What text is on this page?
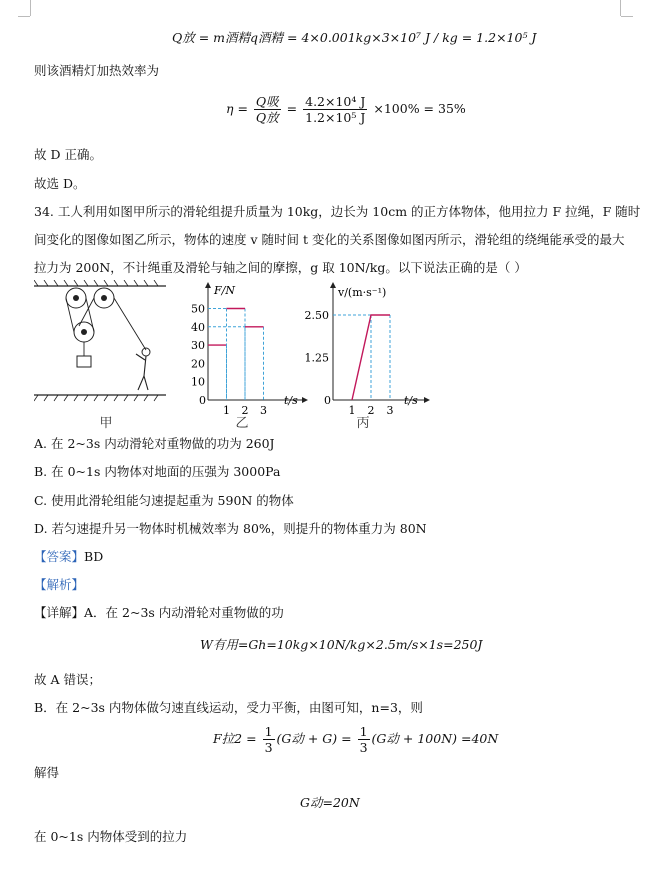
Q放 = m酒精q酒精 = 4×0.001kg×3×10⁷ J / kg = 1.2×10⁵ J
则该酒精灯加热效率为
$\eta = \frac{\text{Q吸}}{\text{Q放}} = \frac{\text{4.2×10⁴ J}}{\text{1.2×10⁵ J}} \times 100\% = 35\%$
故 D 正确。
故选 D。
34. 工人利用如图甲所示的滑轮组提升质量为 10kg，边长为 10cm 的正方体物体，他用拉力 F 拉绳，F 随时
间变化的图像如图乙所示，物体的速度 v 随时间 t 变化的关系图像如图丙所示，滑轮组的绕绳能承受的最大
拉力为 200N，不计绳重及滑轮与轴之间的摩擦，g 取 10N/kg。以下说法正确的是（ ）
甲
F/N
t/s
0
10
20
30
40
50
1 2 3
乙
v/(m·s⁻¹)
t/s
0
1.25
2.50
1 2 3
丙
A. 在 2~3s 内动滑轮对重物做的功为 260J
B. 在 0~1s 内物体对地面的压强为 3000Pa
C. 使用此滑轮组能匀速提起重为 590N 的物体
D. 若匀速提升另一物体时机械效率为 80%，则提升的物体重力为 80N
【答案】BD
【解析】
【详解】A．在 2~3s 内动滑轮对重物做的功
W有用=Gh=10kg×10N/kg×2.5m/s×1s=250J
故 A 错误；
B．在 2~3s 内物体做匀速直线运动，受力平衡，由图可知，n=3，则
F拉$2 = \frac{1}{3} (G$动 + $G) = \frac{1}{3} (G$动 + 100N) =40N
解得
G动=20N
在 0~1s 内物体受到的拉力
